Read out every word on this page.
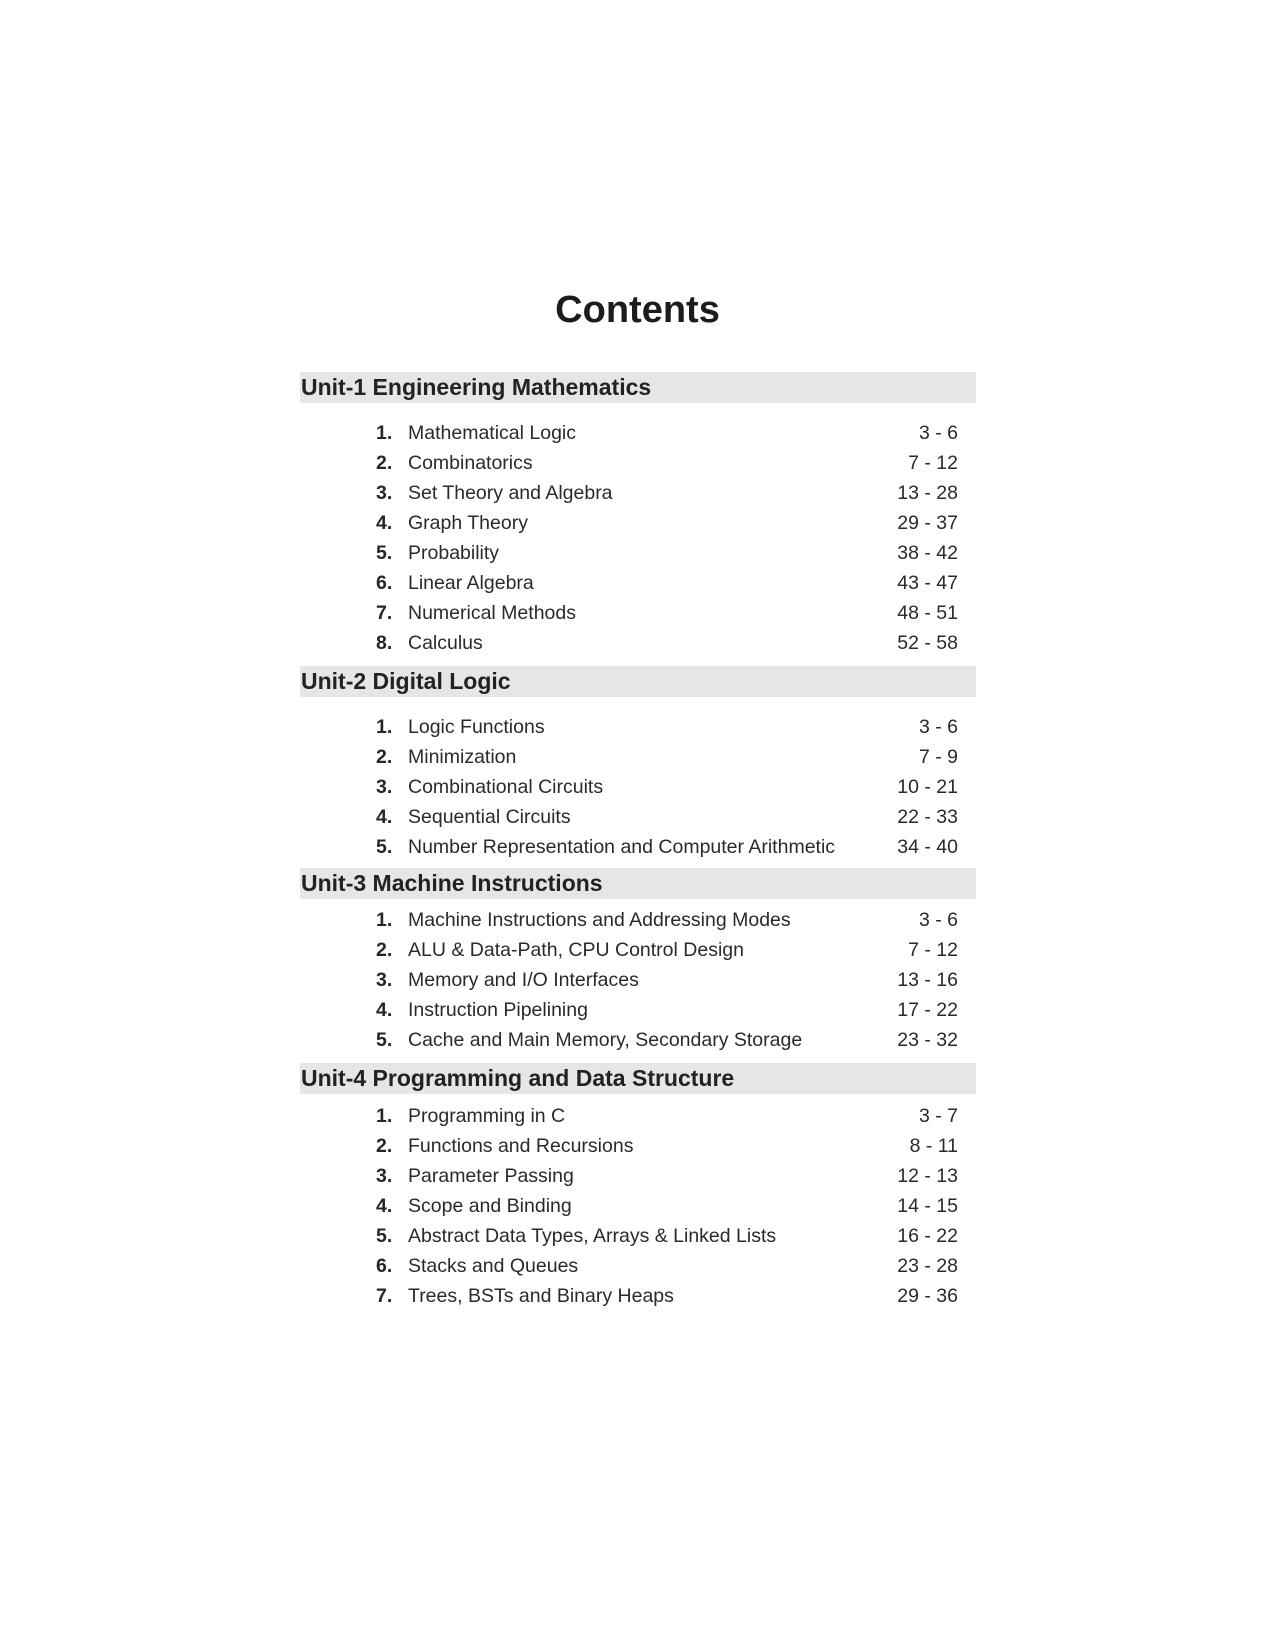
Contents
Unit-1 Engineering Mathematics
1. Mathematical Logic	3 - 6
2. Combinatorics	7 - 12
3. Set Theory and Algebra	13 - 28
4. Graph Theory	29 - 37
5. Probability	38 - 42
6. Linear Algebra	43 - 47
7. Numerical Methods	48 - 51
8. Calculus	52 - 58
Unit-2 Digital Logic
1. Logic Functions	3 - 6
2. Minimization	7 - 9
3. Combinational Circuits	10 - 21
4. Sequential Circuits	22 - 33
5. Number Representation and Computer Arithmetic	34 - 40
Unit-3 Machine Instructions
1. Machine Instructions and Addressing Modes	3 - 6
2. ALU & Data-Path, CPU Control Design	7 - 12
3. Memory and I/O Interfaces	13 - 16
4. Instruction Pipelining	17 - 22
5. Cache and Main Memory, Secondary Storage	23 - 32
Unit-4 Programming and Data Structure
1. Programming in C	3 - 7
2. Functions and Recursions	8 - 11
3. Parameter Passing	12 - 13
4. Scope and Binding	14 - 15
5. Abstract Data Types, Arrays & Linked Lists	16 - 22
6. Stacks and Queues	23 - 28
7. Trees, BSTs and Binary Heaps	29 - 36
